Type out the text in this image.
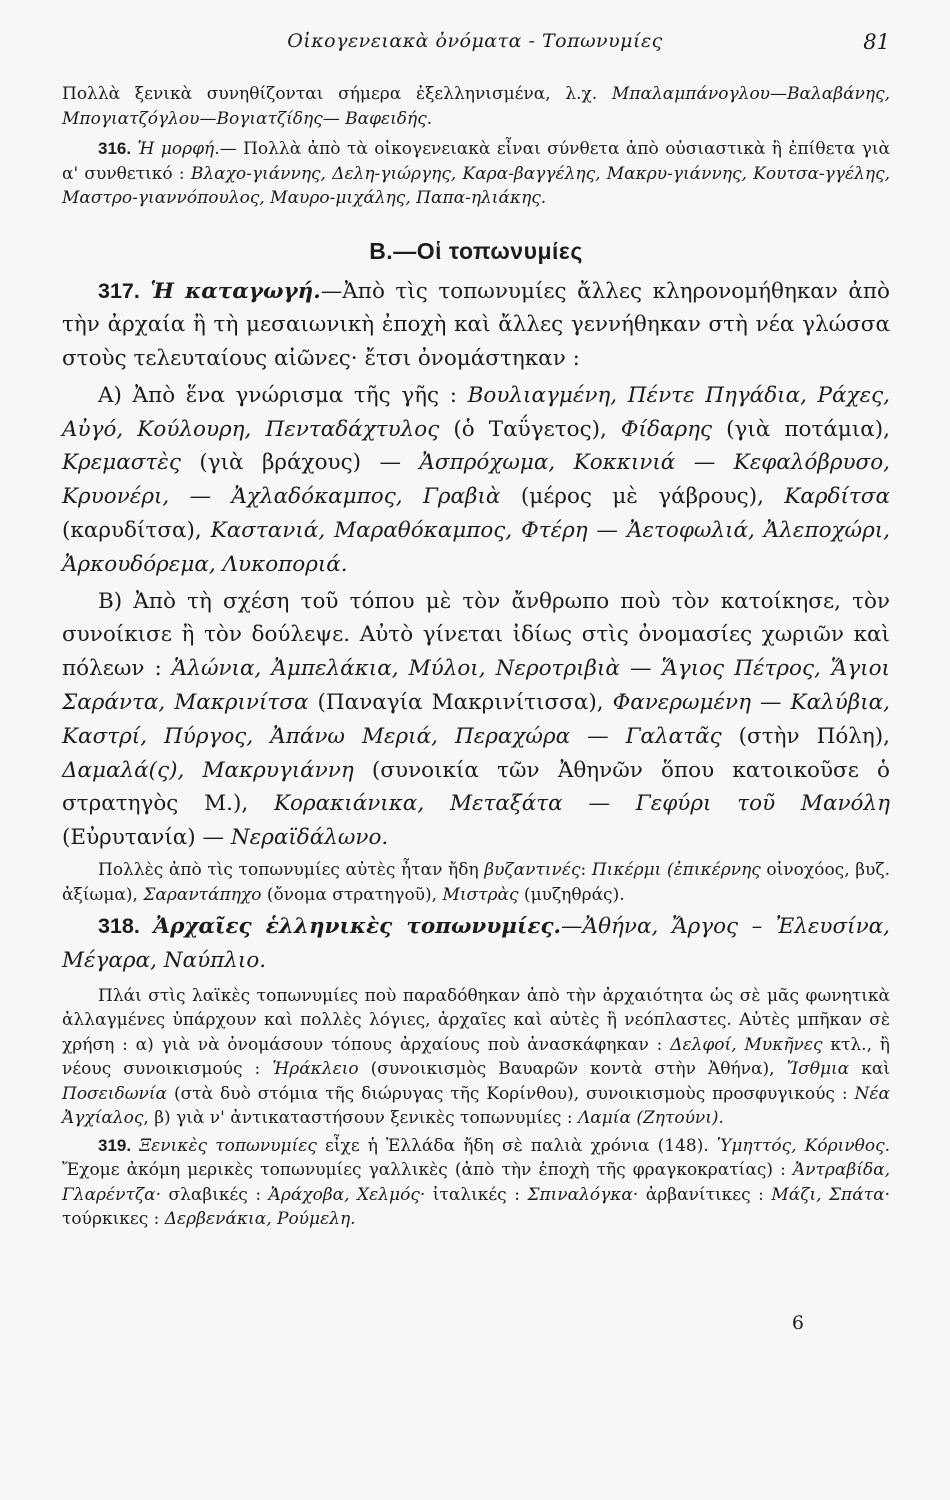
Οἰκογενειακὰ ὀνόματα - Τοπωνυμίες	81

Πολλὰ ξενικὰ συνηθίζονται σήμερα ἐξελληνισμένα, λ.χ. Μπαλαμπάνογλου—Βαλαβάνης, Μπογιατζόγλου—Βογιατζίδης— Βαφειδής.

316. Ἡ μορφή.— Πολλὰ ἀπὸ τὰ οἰκογενειακὰ εἶναι σύνθετα ἀπὸ οὐσιαστικὰ ἢ ἐπίθετα γιὰ α' συνθετικό : Βλαχο-γιάννης, Δελη-γιώργης, Καρα-βαγγέλης, Μακρυ-γιάννης, Κουτσα-γγέλης, Μαστρο-γιαννόπουλος, Μαυρο-μιχάλης, Παπα-ηλιάκης.

Β.—Οἱ τοπωνυμίες

317. Ἡ καταγωγή.—Ἀπὸ τὶς τοπωνυμίες ἄλλες κληρονομήθηκαν ἀπὸ τὴν ἀρχαία ἢ τὴ μεσαιωνικὴ ἐποχὴ καὶ ἄλλες γεννήθηκαν στὴ νέα γλώσσα στοὺς τελευταίους αἰῶνες· ἔτσι ὀνομάστηκαν :

Α) Ἀπὸ ἕνα γνώρισμα τῆς γῆς : Βουλιαγμένη, Πέντε Πηγάδια, Ράχες, Αὐγό, Κούλουρη, Πενταδάχτυλος (ὁ Ταΰγετος), Φίδαρης (γιὰ ποτάμια), Κρεμαστὲς (γιὰ βράχους) — Ἀσπρόχωμα, Κοκκινιά — Κεφαλόβρυσο, Κρυονέρι, — Ἀχλαδόκαμπος, Γραβιὰ (μέρος μὲ γάβρους), Καρδίτσα (καρυδίτσα), Καστανιά, Μαραθόκαμπος, Φτέρη — Ἀετοφωλιά, Ἀλεποχώρι, Ἀρκουδόρεμα, Λυκοποριά.

Β) Ἀπὸ τὴ σχέση τοῦ τόπου μὲ τὸν ἄνθρωπο ποὺ τὸν κατοίκησε, τὸν συνοίκισε ἢ τὸν δούλεψε. Αὐτὸ γίνεται ἰδίως στὶς ὀνομασίες χωριῶν καὶ πόλεων : Ἁλώνια, Ἀμπελάκια, Μύλοι, Νεροτριβιὰ — Ἅγιος Πέτρος, Ἅγιοι Σαράντα, Μακρινίτσα (Παναγία Μακρινίτισσα), Φανερωμένη — Καλύβια, Καστρί, Πύργος, Ἀπάνω Μεριά, Περαχώρα — Γαλατᾶς (στὴν Πόλη), Δαμαλά(ς), Μακρυγιάννη (συνοικία τῶν Ἀθηνῶν ὅπου κατοικοῦσε ὁ στρατηγὸς Μ.), Κορακιάνικα, Μεταξάτα — Γεφύρι τοῦ Μανόλη (Εὐρυτανία) — Νεραϊδάλωνο.

Πολλὲς ἀπὸ τὶς τοπωνυμίες αὐτὲς ἦταν ἤδη βυζαντινές: Πικέρμι (ἐπικέρνης οἰνοχόος, βυζ. ἀξίωμα), Σαραντάπηχο (ὄνομα στρατηγοῦ), Μιστρὰς (μυζηθράς).

318. Ἀρχαῖες ἑλληνικὲς τοπωνυμίες.—Ἀθήνα, Ἄργος – Ἐλευσίνα, Μέγαρα, Ναύπλιο.

Πλάι στὶς λαϊκὲς τοπωνυμίες ποὺ παραδόθηκαν ἀπὸ τὴν ἀρχαιότητα ὡς σὲ μᾶς φωνητικὰ ἀλλαγμένες ὑπάρχουν καὶ πολλὲς λόγιες, ἀρχαῖες καὶ αὐτὲς ἢ νεόπλαστες. Αὐτὲς μπῆκαν σὲ χρήση : α) γιὰ νὰ ὀνομάσουν τόπους ἀρχαίους ποὺ ἀνασκάφηκαν : Δελφοί, Μυκῆνες κτλ., ἢ νέους συνοικισμούς : Ἡράκλειο (συνοικισμὸς Βαυαρῶν κοντὰ στὴν Ἀθήνα), Ἴσθμια καὶ Ποσειδωνία (στὰ δυὸ στόμια τῆς διώρυγας τῆς Κορίνθου), συνοικισμοὺς προσφυγικούς : Νέα Ἀγχίαλος, β) γιὰ ν' ἀντικαταστήσουν ξενικὲς τοπωνυμίες : Λαμία (Ζητούνι).

319. Ξενικὲς τοπωνυμίες εἶχε ἡ Ἑλλάδα ἤδη σὲ παλιὰ χρόνια (148). Ὑμηττός, Κόρινθος. Ἔχομε ἀκόμη μερικὲς τοπωνυμίες γαλλικὲς (ἀπὸ τὴν ἐποχὴ τῆς φραγκοκρατίας) : Ἀντραβίδα, Γλαρέντζα· σλαβικές : Ἀράχοβα, Χελμός· ἰταλικές : Σπιναλόγκα· ἀρβανίτικες : Μάζι, Σπάτα· τούρκικες : Δερβενάκια, Ρούμελη.

6
